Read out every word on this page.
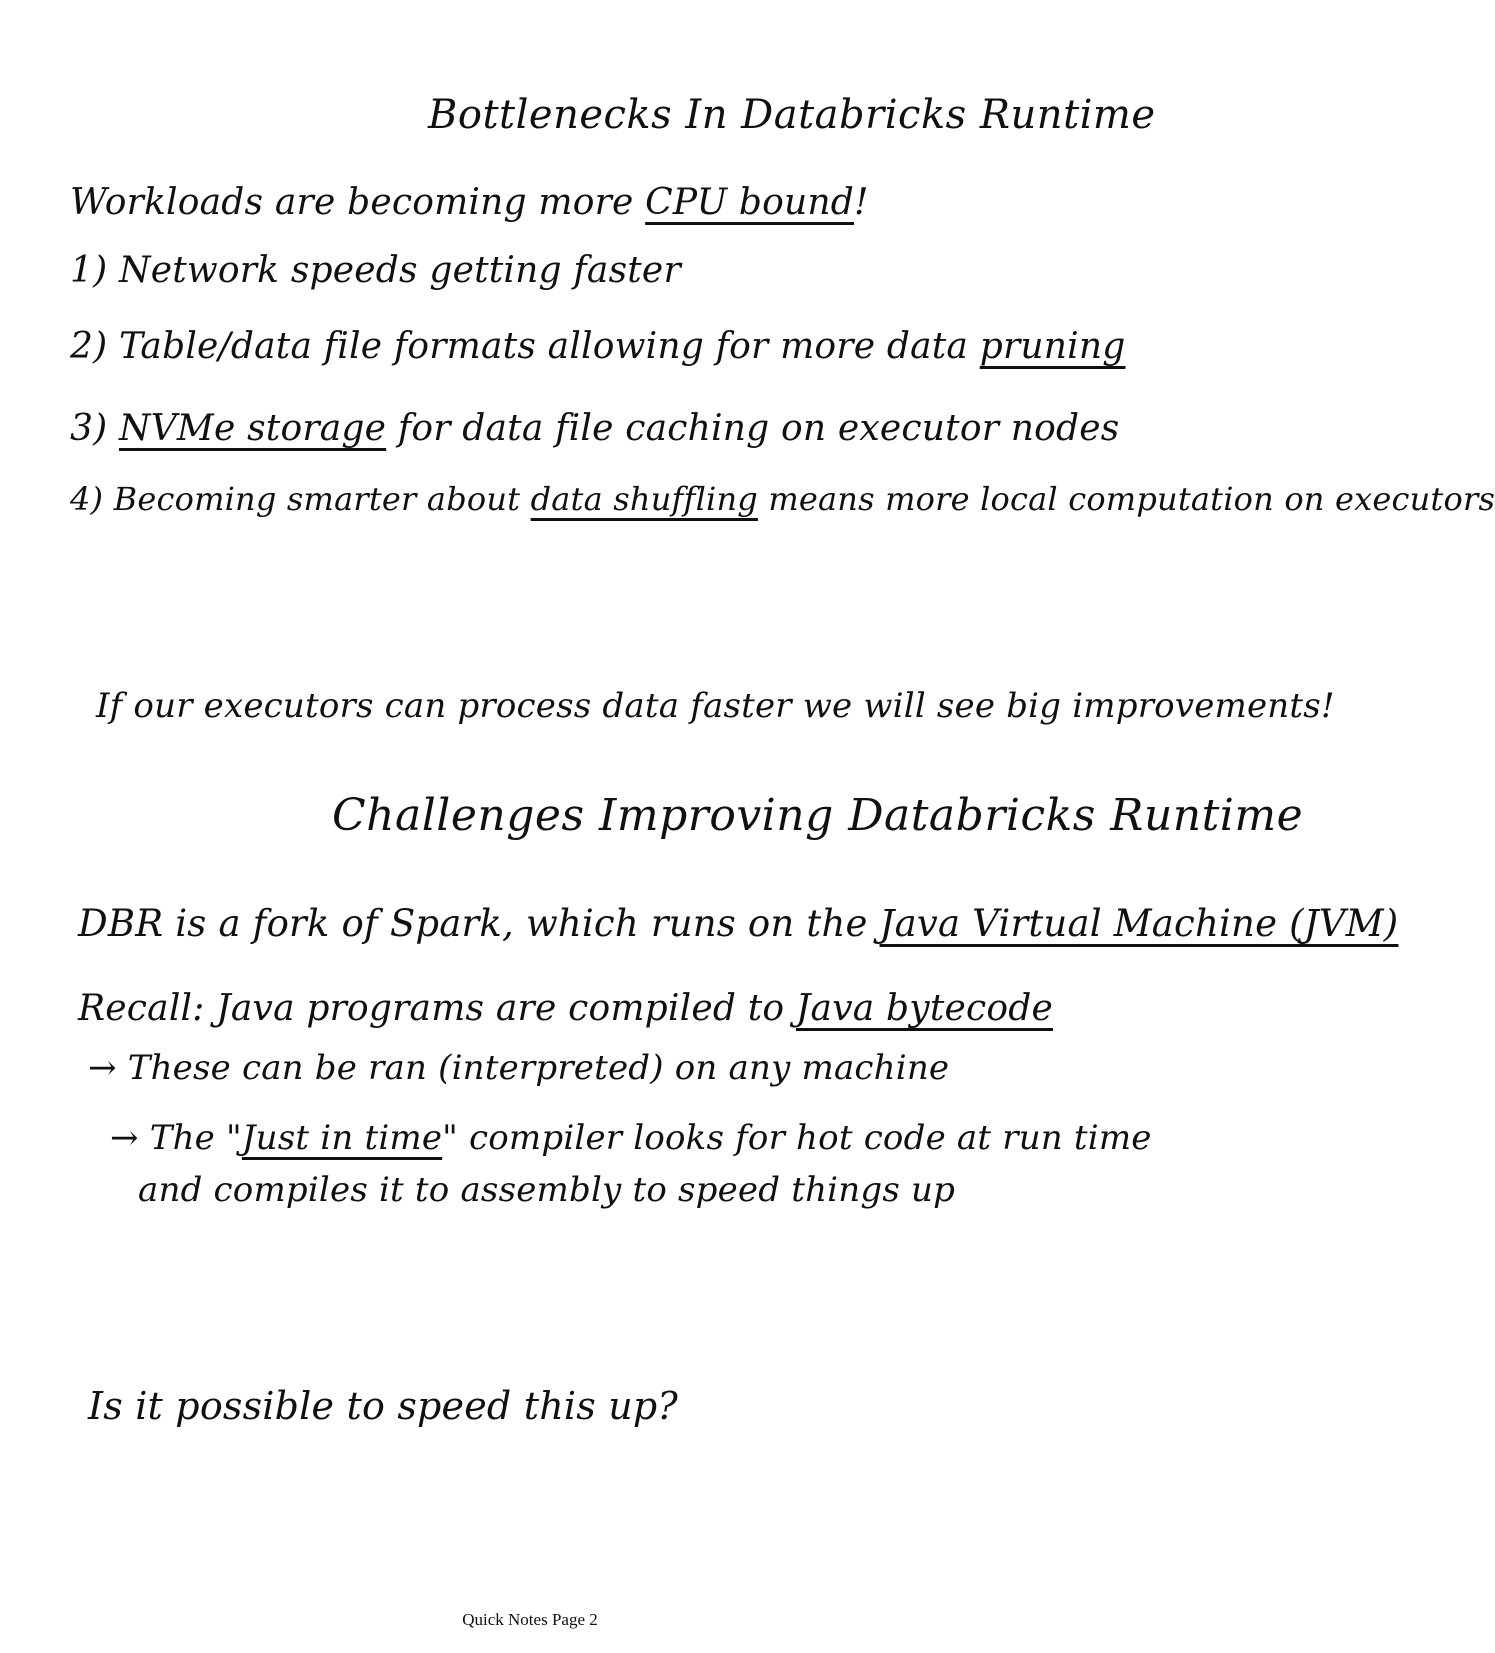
Bottlenecks In Databricks Runtime
Workloads are becoming more CPU bound!
1) Network speeds getting faster
2) Table/data file formats allowing for more data pruning
3) NVMe storage for data file caching on executor nodes
4) Becoming smarter about data shuffling means more local computation on executors
If our executors can process data faster we will see big improvements!
Challenges Improving Databricks Runtime
DBR is a fork of Spark, which runs on the Java Virtual Machine (JVM)
Recall: Java programs are compiled to Java bytecode
→ These can be ran (interpreted) on any machine
→ The "Just in time" compiler looks for hot code at run time
and compiles it to assembly to speed things up
Is it possible to speed this up?
Quick Notes Page 2
